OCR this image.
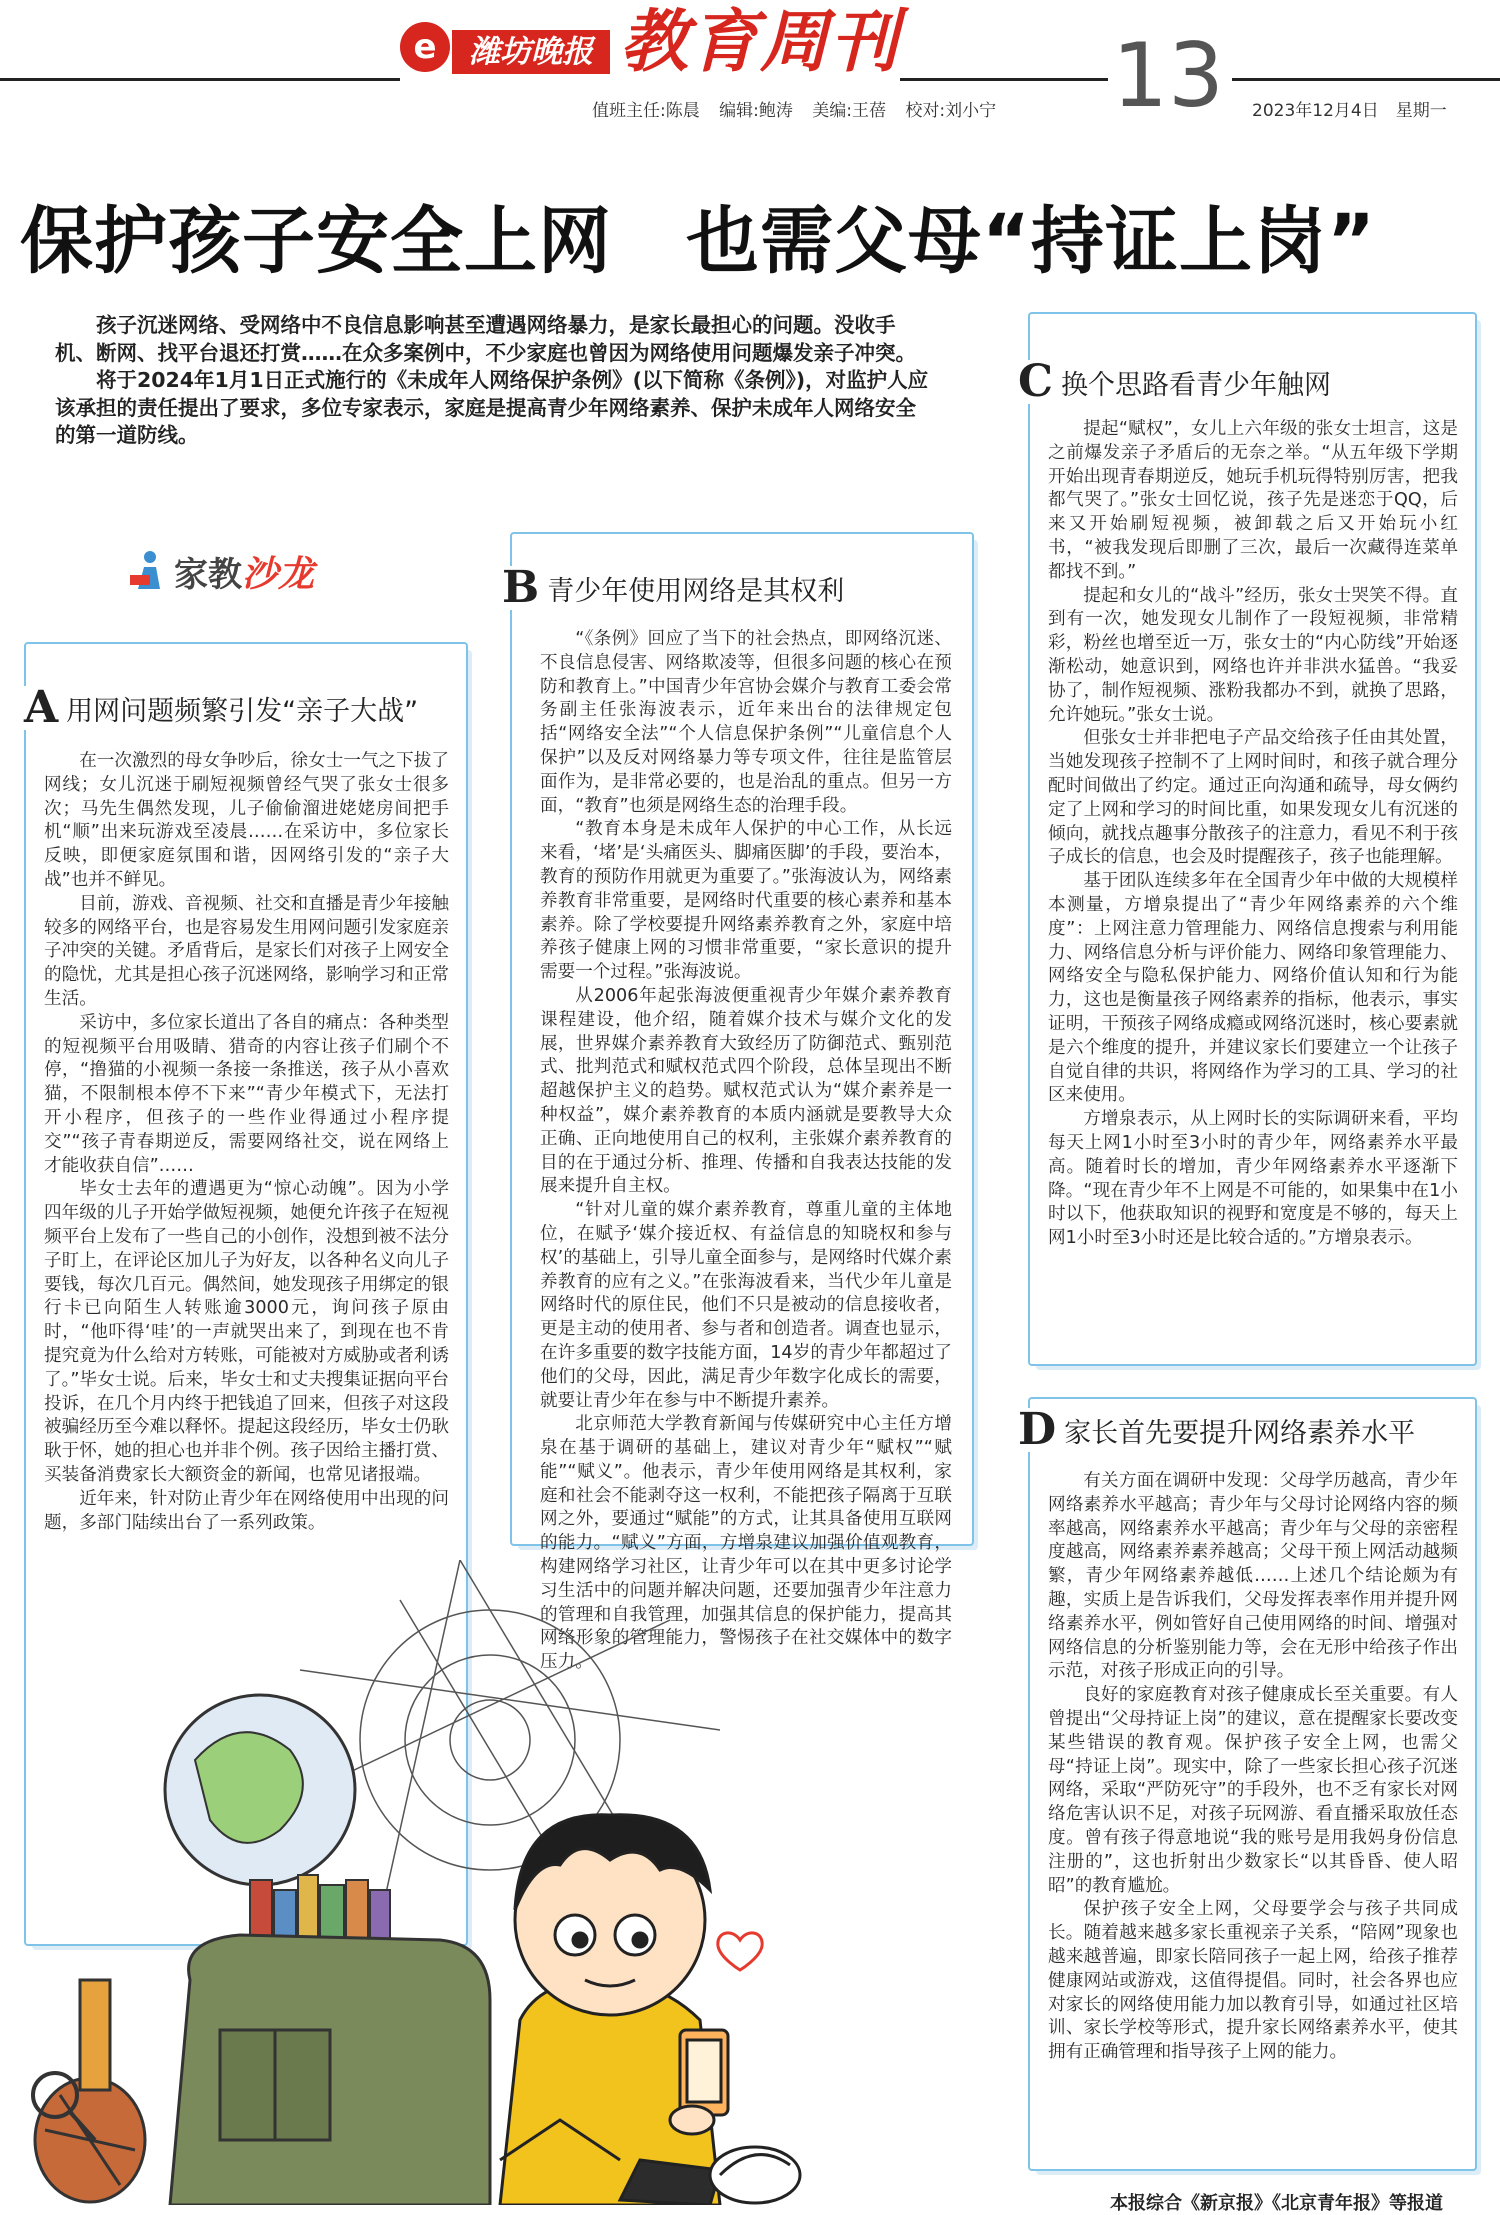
e	潍坊晚报 教育周刊
值班主任:陈晨 编辑:鲍涛 美编:王蓓 校对:刘小宁 13 2023年12月4日　星期一
保护孩子安全上网　也需父母“持证上岗”

孩子沉迷网络、受网络中不良信息影响甚至遭遇网络暴力，是家长最担心的问题。没收手机、断网、找平台退还打赏……在众多案例中，不少家庭也曾因为网络使用问题爆发亲子冲突。

将于2024年1月1日正式施行的《未成年人网络保护条例》(以下简称《条例》)，对监护人应该承担的责任提出了要求，多位专家表示，家庭是提高青少年网络素养、保护未成年人网络安全的第一道防线。

家教 沙龙
A 用网问题频繁引发“亲子大战”

在一次激烈的母女争吵后，徐女士一气之下拔了网线；女儿沉迷于刷短视频曾经气哭了张女士很多次；马先生偶然发现，儿子偷偷溜进姥姥房间把手机“顺”出来玩游戏至凌晨……在采访中，多位家长反映，即便家庭氛围和谐，因网络引发的“亲子大战”也并不鲜见。

目前，游戏、音视频、社交和直播是青少年接触较多的网络平台，也是容易发生用网问题引发家庭亲子冲突的关键。矛盾背后，是家长们对孩子上网安全的隐忧，尤其是担心孩子沉迷网络，影响学习和正常生活。

采访中，多位家长道出了各自的痛点：各种类型的短视频平台用吸睛、猎奇的内容让孩子们刷个不停，“撸猫的小视频一条接一条推送，孩子从小喜欢猫，不限制根本停不下来”“青少年模式下，无法打开小程序，但孩子的一些作业得通过小程序提交”“孩子青春期逆反，需要网络社交，说在网络上才能收获自信”……

毕女士去年的遭遇更为“惊心动魄”。因为小学四年级的儿子开始学做短视频，她便允许孩子在短视频平台上发布了一些自己的小创作，没想到被不法分子盯上，在评论区加儿子为好友，以各种名义向儿子要钱，每次几百元。偶然间，她发现孩子用绑定的银行卡已向陌生人转账逾3000元，询问孩子原由时，“他吓得‘哇’的一声就哭出来了，到现在也不肯提究竟为什么给对方转账，可能被对方威胁或者利诱了。”毕女士说。后来，毕女士和丈夫搜集证据向平台投诉，在几个月内终于把钱追了回来，但孩子对这段被骗经历至今难以释怀。提起这段经历，毕女士仍耿耿于怀，她的担心也并非个例。孩子因给主播打赏、买装备消费家长大额资金的新闻，也常见诸报端。

近年来，针对防止青少年在网络使用中出现的问题，多部门陆续出台了一系列政策。

B 青少年使用网络是其权利

“《条例》回应了当下的社会热点，即网络沉迷、不良信息侵害、网络欺凌等，但很多问题的核心在预防和教育上。”中国青少年宫协会媒介与教育工委会常务副主任张海波表示，近年来出台的法律规定包括“网络安全法”“个人信息保护条例”“儿童信息个人保护”以及反对网络暴力等专项文件，往往是监管层面作为，是非常必要的，也是治乱的重点。但另一方面，“教育”也须是网络生态的治理手段。

“教育本身是未成年人保护的中心工作，从长远来看，‘堵’是‘头痛医头、脚痛医脚’的手段，要治本，教育的预防作用就更为重要了。”张海波认为，网络素养教育非常重要，是网络时代重要的核心素养和基本素养。除了学校要提升网络素养教育之外，家庭中培养孩子健康上网的习惯非常重要，“家长意识的提升需要一个过程。”张海波说。

从2006年起张海波便重视青少年媒介素养教育课程建设，他介绍，随着媒介技术与媒介文化的发展，世界媒介素养教育大致经历了防御范式、甄别范式、批判范式和赋权范式四个阶段，总体呈现出不断超越保护主义的趋势。赋权范式认为“媒介素养是一种权益”，媒介素养教育的本质内涵就是要教导大众正确、正向地使用自己的权利，主张媒介素养教育的目的在于通过分析、推理、传播和自我表达技能的发展来提升自主权。

“针对儿童的媒介素养教育，尊重儿童的主体地位，在赋予‘媒介接近权、有益信息的知晓权和参与权’的基础上，引导儿童全面参与，是网络时代媒介素养教育的应有之义。”在张海波看来，当代少年儿童是网络时代的原住民，他们不只是被动的信息接收者，更是主动的使用者、参与者和创造者。调查也显示，在许多重要的数字技能方面，14岁的青少年都超过了他们的父母，因此，满足青少年数字化成长的需要，就要让青少年在参与中不断提升素养。

北京师范大学教育新闻与传媒研究中心主任方增泉在基于调研的基础上，建议对青少年“赋权”“赋能”“赋义”。他表示，青少年使用网络是其权利，家庭和社会不能剥夺这一权利，不能把孩子隔离于互联网之外，要通过“赋能”的方式，让其具备使用互联网的能力。“赋义”方面，方增泉建议加强价值观教育，构建网络学习社区，让青少年可以在其中更多讨论学习生活中的问题并解决问题，还要加强青少年注意力的管理和自我管理，加强其信息的保护能力，提高其网络形象的管理能力，警惕孩子在社交媒体中的数字压力。

C 换个思路看青少年触网

提起“赋权”，女儿上六年级的张女士坦言，这是之前爆发亲子矛盾后的无奈之举。“从五年级下学期开始出现青春期逆反，她玩手机玩得特别厉害，把我都气哭了。”张女士回忆说，孩子先是迷恋于QQ，后来又开始刷短视频，被卸载之后又开始玩小红书，“被我发现后即删了三次，最后一次藏得连菜单都找不到。”

提起和女儿的“战斗”经历，张女士哭笑不得。直到有一次，她发现女儿制作了一段短视频，非常精彩，粉丝也增至近一万，张女士的“内心防线”开始逐渐松动，她意识到，网络也许并非洪水猛兽。“我妥协了，制作短视频、涨粉我都办不到，就换了思路，允许她玩。”张女士说。

但张女士并非把电子产品交给孩子任由其处置，当她发现孩子控制不了上网时间时，和孩子就合理分配时间做出了约定。通过正向沟通和疏导，母女俩约定了上网和学习的时间比重，如果发现女儿有沉迷的倾向，就找点趣事分散孩子的注意力，看见不利于孩子成长的信息，也会及时提醒孩子，孩子也能理解。

基于团队连续多年在全国青少年中做的大规模样本测量，方增泉提出了“青少年网络素养的六个维度”：上网注意力管理能力、网络信息搜索与利用能力、网络信息分析与评价能力、网络印象管理能力、网络安全与隐私保护能力、网络价值认知和行为能力，这也是衡量孩子网络素养的指标，他表示，事实证明，干预孩子网络成瘾或网络沉迷时，核心要素就是六个维度的提升，并建议家长们要建立一个让孩子自觉自律的共识，将网络作为学习的工具、学习的社区来使用。

方增泉表示，从上网时长的实际调研来看，平均每天上网1小时至3小时的青少年，网络素养水平最高。随着时长的增加，青少年网络素养水平逐渐下降。“现在青少年不上网是不可能的，如果集中在1小时以下，他获取知识的视野和宽度是不够的，每天上网1小时至3小时还是比较合适的。”方增泉表示。

D 家长首先要提升网络素养水平

有关方面在调研中发现：父母学历越高，青少年网络素养水平越高；青少年与父母讨论网络内容的频率越高，网络素养水平越高；青少年与父母的亲密程度越高，网络素养素养越高；父母干预上网活动越频繁，青少年网络素养越低……上述几个结论颇为有趣，实质上是告诉我们，父母发挥表率作用并提升网络素养水平，例如管好自己使用网络的时间、增强对网络信息的分析鉴别能力等，会在无形中给孩子作出示范，对孩子形成正向的引导。

良好的家庭教育对孩子健康成长至关重要。有人曾提出“父母持证上岗”的建议，意在提醒家长要改变某些错误的教育观。保护孩子安全上网，也需父母“持证上岗”。现实中，除了一些家长担心孩子沉迷网络，采取“严防死守”的手段外，也不乏有家长对网络危害认识不足，对孩子玩网游、看直播采取放任态度。曾有孩子得意地说“我的账号是用我妈身份信息注册的”，这也折射出少数家长“以其昏昏、使人昭昭”的教育尴尬。

保护孩子安全上网，父母要学会与孩子共同成长。随着越来越多家长重视亲子关系，“陪网”现象也越来越普遍，即家长陪同孩子一起上网，给孩子推荐健康网站或游戏，这值得提倡。同时，社会各界也应对家长的网络使用能力加以教育引导，如通过社区培训、家长学校等形式，提升家长网络素养水平，使其拥有正确管理和指导孩子上网的能力。

本报综合《新京报》《北京青年报》等报道
